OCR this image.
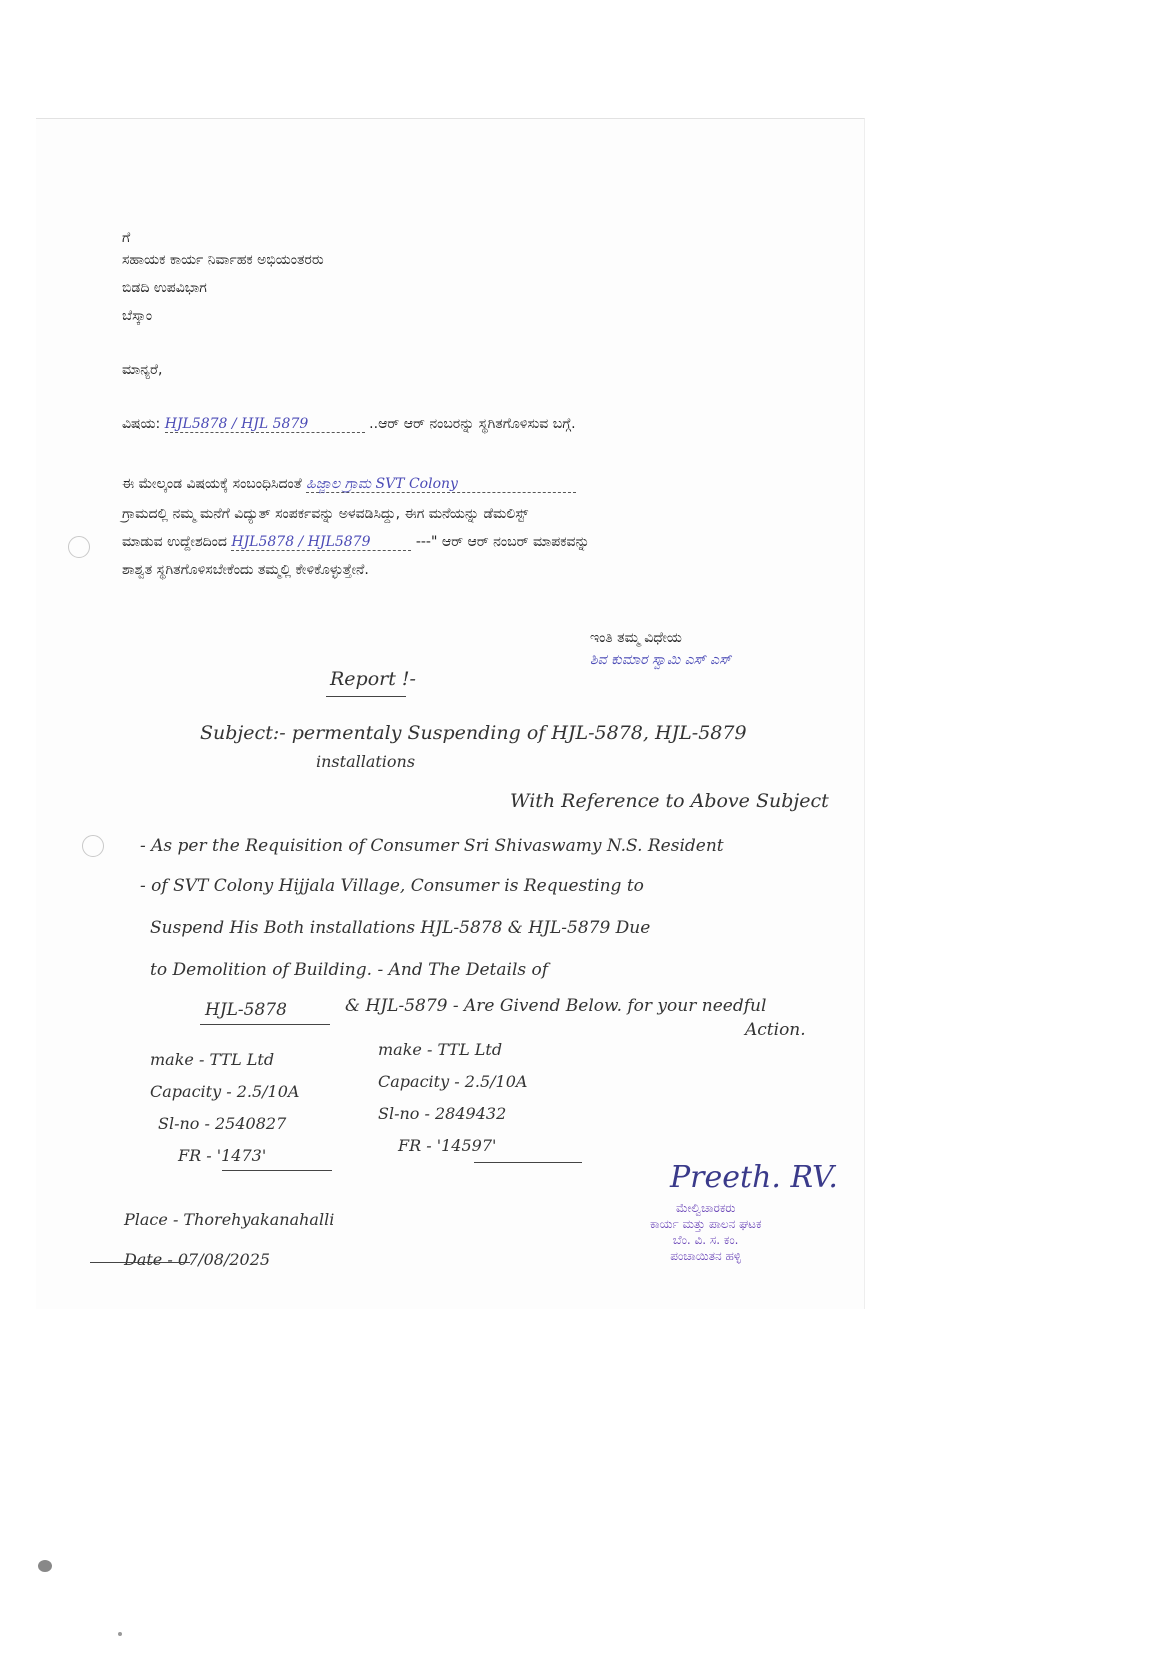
ಗೆ
ಸಹಾಯಕ ಕಾರ್ಯ ನಿರ್ವಾಹಕ ಅಭಿಯಂತರರು
ಬಿಡದಿ ಉಪವಿಭಾಗ
ಬೆಸ್ಕಾಂ
ಮಾನ್ಯರೆ,
ವಿಷಯ: HJL5878 / HJL 5879	..ಆರ್ ಆರ್ ನಂಬರನ್ನು ಸ್ಥಗಿತಗೊಳಿಸುವ ಬಗ್ಗೆ.
ಈ ಮೇಲ್ಕಂಡ ವಿಷಯಕ್ಕೆ ಸಂಬಂಧಿಸಿದಂತೆ ಹಿಜ್ಜಾಲ ಗ್ರಾಮ SVT Colony
ಗ್ರಾಮದಲ್ಲಿ ನಮ್ಮ ಮನೆಗೆ ವಿದ್ಯುತ್ ಸಂಪರ್ಕವನ್ನು ಅಳವಡಿಸಿದ್ದು, ಈಗ ಮನೆಯನ್ನು ಡೆಮಲಿಸ್ಟ್
ಮಾಡುವ ಉದ್ದೇಶದಿಂದ HJL5878 / HJL5879	---" ಆರ್ ಆರ್ ನಂಬರ್ ಮಾಪಕವನ್ನು
ಶಾಶ್ವತ ಸ್ಥಗಿತಗೊಳಿಸಬೇಕೆಂದು ತಮ್ಮಲ್ಲಿ ಕೇಳಿಕೊಳ್ಳುತ್ತೇನೆ.
ಇಂತಿ ತಮ್ಮ ವಿಧೇಯ
ಶಿವ ಕುಮಾರ ಸ್ವಾಮಿ ಎಸ್ ಎಸ್
Report !-
Subject:- permentaly Suspending of HJL-5878, HJL-5879
installations
With Reference to Above Subject
- As per the Requisition of Consumer Sri Shivaswamy N.S. Resident
- of SVT Colony Hijjala Village, Consumer is Requesting to
Suspend His Both installations HJL-5878 & HJL-5879 Due
to Demolition of Building. - And The Details of
HJL-5878	& HJL-5879 - Are Givend Below. for your needful
Action.
make - TTL Ltd
Capacity - 2.5/10A
Sl-no - 2540827
FR - '1473'
make - TTL Ltd
Capacity - 2.5/10A
Sl-no - 2849432
FR - '14597'
Place - Thorehyakanahalli
Date - 07/08/2025
Preeth. RV.
ಮೇಲ್ವಿಚಾರಕರು
ಕಾರ್ಯ ಮತ್ತು ಪಾಲನ ಘಟಕ
ಬೆಂ. ವಿ. ಸ. ಕಂ.
ಪಂಚಾಯಿತನ ಹಳ್ಳಿ
